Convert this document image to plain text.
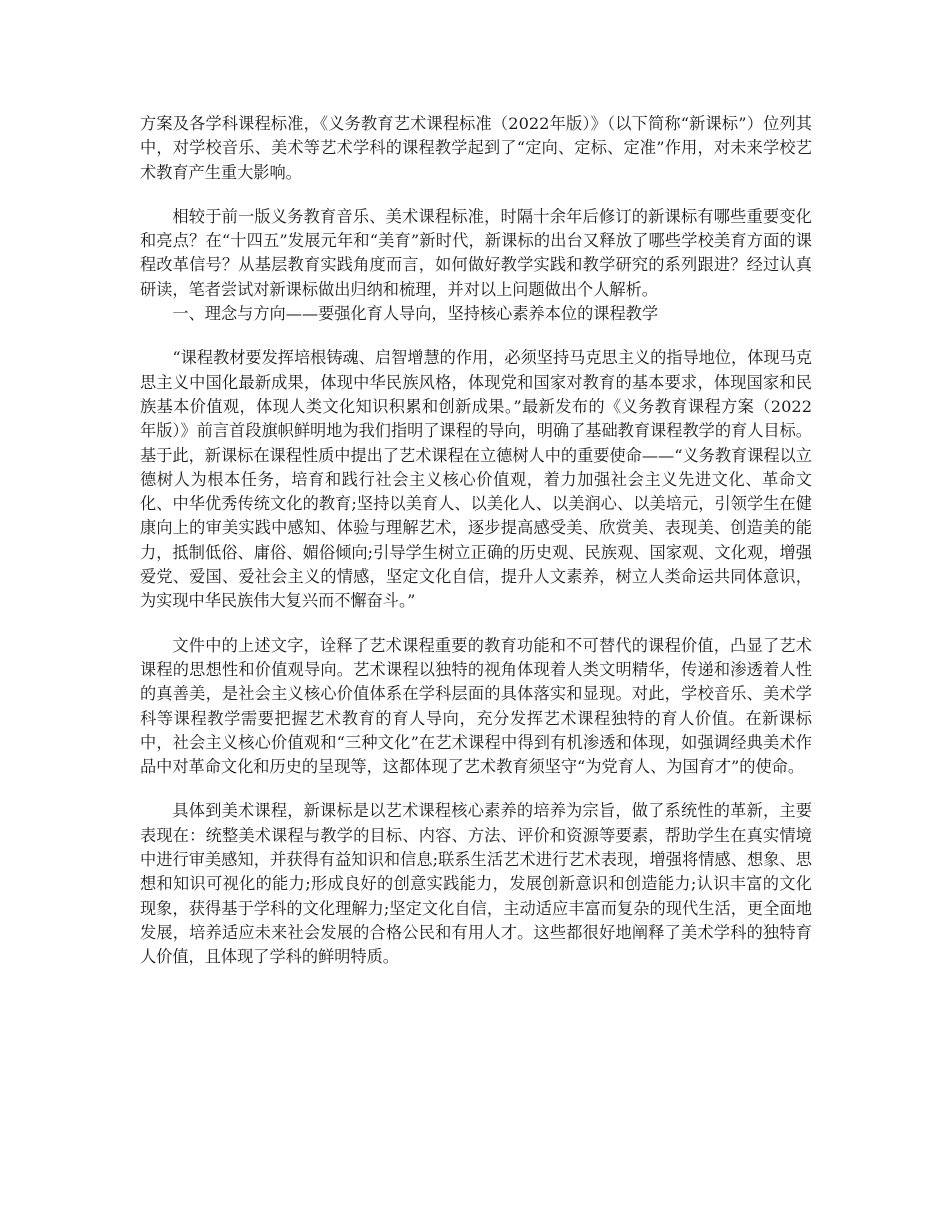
方案及各学科课程标准，《义务教育艺术课程标准（2022年版）》（以下简称“新课标”）位列其中，对学校音乐、美术等艺术学科的课程教学起到了“定向、定标、定准”作用，对未来学校艺术教育产生重大影响。

相较于前一版义务教育音乐、美术课程标准，时隔十余年后修订的新课标有哪些重要变化和亮点？在“十四五”发展元年和“美育”新时代，新课标的出台又释放了哪些学校美育方面的课程改革信号？从基层教育实践角度而言，如何做好教学实践和教学研究的系列跟进？经过认真研读，笔者尝试对新课标做出归纳和梳理，并对以上问题做出个人解析。

一、理念与方向——要强化育人导向，坚持核心素养本位的课程教学

“课程教材要发挥培根铸魂、启智增慧的作用，必须坚持马克思主义的指导地位，体现马克思主义中国化最新成果，体现中华民族风格，体现党和国家对教育的基本要求，体现国家和民族基本价值观，体现人类文化知识积累和创新成果。”最新发布的《义务教育课程方案（2022年版）》前言首段旗帜鲜明地为我们指明了课程的导向，明确了基础教育课程教学的育人目标。基于此，新课标在课程性质中提出了艺术课程在立德树人中的重要使命——“义务教育课程以立德树人为根本任务，培育和践行社会主义核心价值观，着力加强社会主义先进文化、革命文化、中华优秀传统文化的教育;坚持以美育人、以美化人、以美润心、以美培元，引领学生在健康向上的审美实践中感知、体验与理解艺术，逐步提高感受美、欣赏美、表现美、创造美的能力，抵制低俗、庸俗、媚俗倾向;引导学生树立正确的历史观、民族观、国家观、文化观，增强爱党、爱国、爱社会主义的情感，坚定文化自信，提升人文素养，树立人类命运共同体意识，为实现中华民族伟大复兴而不懈奋斗。”

文件中的上述文字，诠释了艺术课程重要的教育功能和不可替代的课程价值，凸显了艺术课程的思想性和价值观导向。艺术课程以独特的视角体现着人类文明精华，传递和渗透着人性的真善美，是社会主义核心价值体系在学科层面的具体落实和显现。对此，学校音乐、美术学科等课程教学需要把握艺术教育的育人导向，充分发挥艺术课程独特的育人价值。在新课标中，社会主义核心价值观和“三种文化”在艺术课程中得到有机渗透和体现，如强调经典美术作品中对革命文化和历史的呈现等，这都体现了艺术教育须坚守“为党育人、为国育才”的使命。

具体到美术课程，新课标是以艺术课程核心素养的培养为宗旨，做了系统性的革新，主要表现在：统整美术课程与教学的目标、内容、方法、评价和资源等要素，帮助学生在真实情境中进行审美感知，并获得有益知识和信息;联系生活艺术进行艺术表现，增强将情感、想象、思想和知识可视化的能力;形成良好的创意实践能力，发展创新意识和创造能力;认识丰富的文化现象，获得基于学科的文化理解力;坚定文化自信，主动适应丰富而复杂的现代生活，更全面地发展，培养适应未来社会发展的合格公民和有用人才。这些都很好地阐释了美术学科的独特育人价值，且体现了学科的鲜明特质。
